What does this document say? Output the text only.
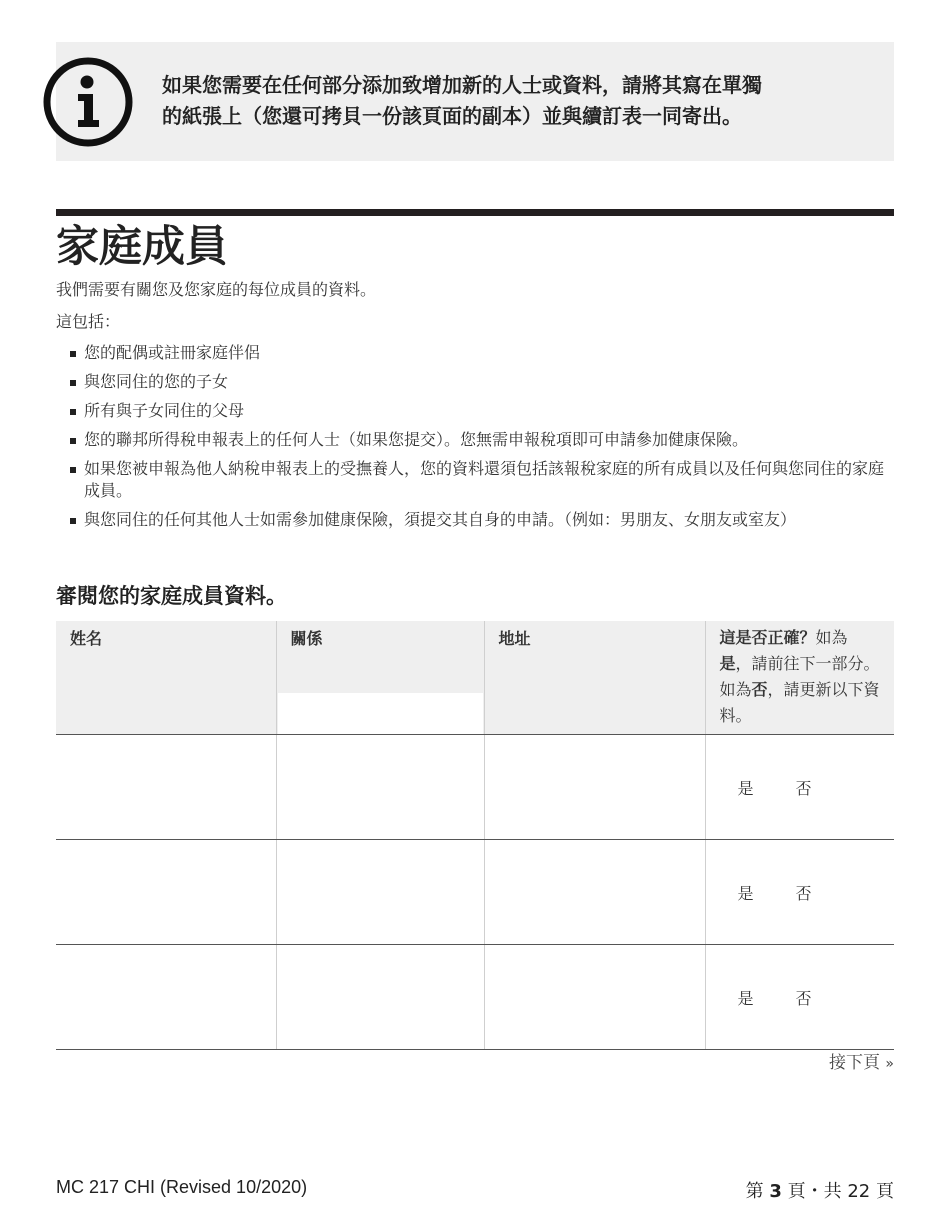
如果您需要在任何部分添加致增加新的人士或資料，請將其寫在單獨
的紙張上（您還可拷貝一份該頁面的副本）並與續訂表一同寄出。
家庭成員
我們需要有關您及您家庭的每位成員的資料。
這包括：
您的配偶或註冊家庭伴侶
與您同住的您的子女
所有與子女同住的父母
您的聯邦所得稅申報表上的任何人士（如果您提交）。您無需申報稅項即可申請參加健康保險。
如果您被申報為他人納稅申報表上的受撫養人，您的資料還須包括該報稅家庭的所有成員以及任何與您同住的家庭成員。
與您同住的任何其他人士如需參加健康保險，須提交其自身的申請。（例如：男朋友、女朋友或室友）
審閱您的家庭成員資料。
姓名	關係	地址	這是否正確？如為
是，請前往下一部分。如為否，請更新以下資料。

			是 否

			是 否

			是 否
接下頁 »
MC 217 CHI (Revised 10/2020)	第 3 頁・共 22 頁
